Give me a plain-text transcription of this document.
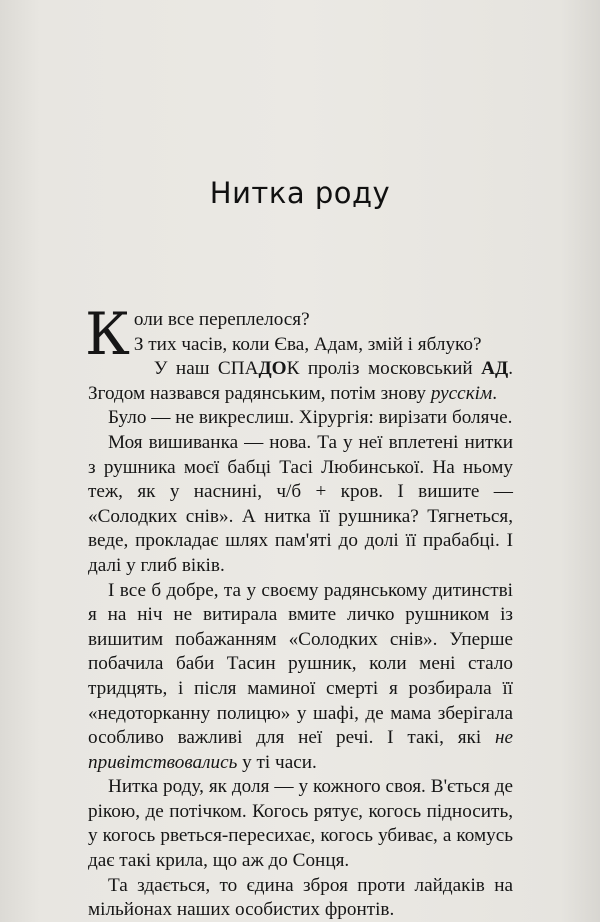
Нитка роду

Коли все переплелося?
З тих часів, коли Єва, Адам, змій і яблуко?

У наш СПАДОК проліз московський АД. Згодом назвався радянським, потім знову русскім.

Було — не викреслиш. Хірургія: вирізати боляче.

Моя вишиванка — нова. Та у неї вплетені нитки з рушника моєї бабці Тасі Любинської. На ньому теж, як у наснині, ч/б + кров. І вишите — «Солодких снів». А нитка її рушника? Тягнеться, веде, прокладає шлях пам'яті до долі її прабабці. І далі у глиб віків.

І все б добре, та у своєму радянському дитинстві я на ніч не витирала вмите личко рушником із вишитим побажанням «Солодких снів». Уперше побачила баби Тасин рушник, коли мені стало тридцять, і після маминої смерті я розбирала її «недоторканну полицю» у шафі, де мама зберігала особливо важливі для неї речі. І такі, які не привітствовались у ті часи.

Нитка роду, як доля — у кожного своя. В'ється де рікою, де потічком. Когось рятує, когось підносить, у когось рветься-пересихає, когось убиває, а комусь дає такі крила, що аж до Сонця.

Та здається, то єдина зброя проти лайдаків на мільйонах наших особистих фронтів.
